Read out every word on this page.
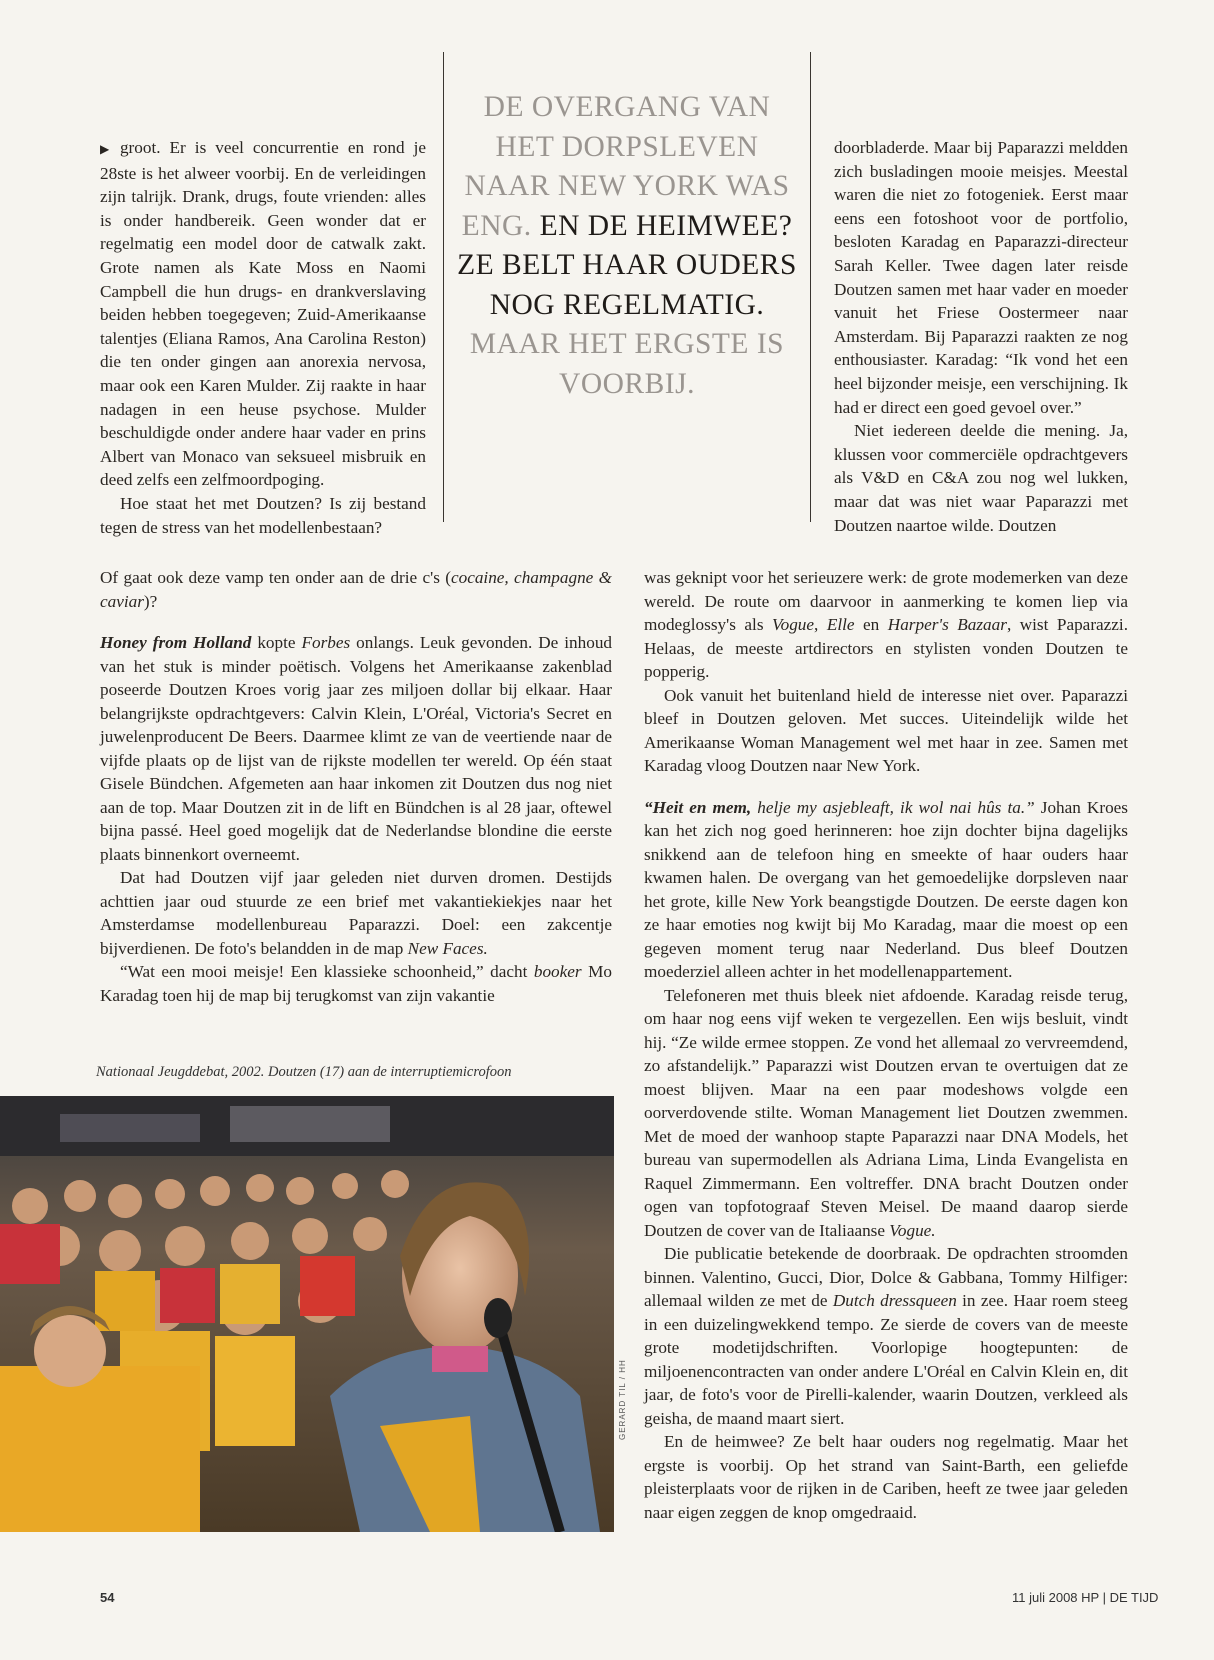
▶ groot. Er is veel concurrentie en rond je 28ste is het alweer voorbij. En de verleidingen zijn talrijk. Drank, drugs, foute vrienden: alles is onder handbereik. Geen wonder dat er regelmatig een model door de catwalk zakt. Grote namen als Kate Moss en Naomi Campbell die hun drugs- en drankverslaving beiden hebben toegegeven; Zuid-Amerikaanse talentjes (Eliana Ramos, Ana Carolina Reston) die ten onder gingen aan anorexia nervosa, maar ook een Karen Mulder. Zij raakte in haar nadagen in een heuse psychose. Mulder beschuldigde onder andere haar vader en prins Albert van Monaco van seksueel misbruik en deed zelfs een zelfmoordpoging.

Hoe staat het met Doutzen? Is zij bestand tegen de stress van het modellenbestaan?

DE OVERGANG VAN HET DORPSLEVEN NAAR NEW YORK WAS ENG. EN DE HEIMWEE? ZE BELT HAAR OUDERS NOG REGELMATIG. MAAR HET ERGSTE IS VOORBIJ.

doorbladerde. Maar bij Paparazzi meldden zich busladingen mooie meisjes. Meestal waren die niet zo fotogeniek. Eerst maar eens een fotoshoot voor de portfolio, besloten Karadag en Paparazzi-directeur Sarah Keller. Twee dagen later reisde Doutzen samen met haar vader en moeder vanuit het Friese Oostermeer naar Amsterdam. Bij Paparazzi raakten ze nog enthousiaster. Karadag: “Ik vond het een heel bijzonder meisje, een verschijning. Ik had er direct een goed gevoel over.”

Niet iedereen deelde die mening. Ja, klussen voor commerciële opdrachtgevers als V&D en C&A zou nog wel lukken, maar dat was niet waar Paparazzi met Doutzen naartoe wilde. Doutzen

Of gaat ook deze vamp ten onder aan de drie c's (cocaine, champagne & caviar)?

Honey from Holland kopte Forbes onlangs. Leuk gevonden. De inhoud van het stuk is minder poëtisch. Volgens het Amerikaanse zakenblad poseerde Doutzen Kroes vorig jaar zes miljoen dollar bij elkaar. Haar belangrijkste opdrachtgevers: Calvin Klein, L'Oréal, Victoria's Secret en juwelenproducent De Beers. Daarmee klimt ze van de veertiende naar de vijfde plaats op de lijst van de rijkste modellen ter wereld. Op één staat Gisele Bündchen. Afgemeten aan haar inkomen zit Doutzen dus nog niet aan de top. Maar Doutzen zit in de lift en Bündchen is al 28 jaar, oftewel bijna passé. Heel goed mogelijk dat de Nederlandse blondine die eerste plaats binnenkort overneemt.

Dat had Doutzen vijf jaar geleden niet durven dromen. Destijds achttien jaar oud stuurde ze een brief met vakantiekiekjes naar het Amsterdamse modellenbureau Paparazzi. Doel: een zakcentje bijverdienen. De foto's belandden in de map New Faces.

“Wat een mooi meisje! Een klassieke schoonheid,” dacht booker Mo Karadag toen hij de map bij terugkomst van zijn vakantie

was geknipt voor het serieuzere werk: de grote modemerken van deze wereld. De route om daarvoor in aanmerking te komen liep via modeglossy's als Vogue, Elle en Harper's Bazaar, wist Paparazzi. Helaas, de meeste artdirectors en stylisten vonden Doutzen te popperig.

Ook vanuit het buitenland hield de interesse niet over. Paparazzi bleef in Doutzen geloven. Met succes. Uiteindelijk wilde het Amerikaanse Woman Management wel met haar in zee. Samen met Karadag vloog Doutzen naar New York.

“Heit en mem, helje my asjebleaft, ik wol nai hûs ta.” Johan Kroes kan het zich nog goed herinneren: hoe zijn dochter bijna dagelijks snikkend aan de telefoon hing en smeekte of haar ouders haar kwamen halen. De overgang van het gemoedelijke dorpsleven naar het grote, kille New York beangstigde Doutzen. De eerste dagen kon ze haar emoties nog kwijt bij Mo Karadag, maar die moest op een gegeven moment terug naar Nederland. Dus bleef Doutzen moederziel alleen achter in het modellenappartement.

Telefoneren met thuis bleek niet afdoende. Karadag reisde terug, om haar nog eens vijf weken te vergezellen. Een wijs besluit, vindt hij. “Ze wilde ermee stoppen. Ze vond het allemaal zo vervreemdend, zo afstandelijk.” Paparazzi wist Doutzen ervan te overtuigen dat ze moest blijven. Maar na een paar modeshows volgde een oorverdovende stilte. Woman Management liet Doutzen zwemmen. Met de moed der wanhoop stapte Paparazzi naar DNA Models, het bureau van supermodellen als Adriana Lima, Linda Evangelista en Raquel Zimmermann. Een voltreffer. DNA bracht Doutzen onder ogen van topfotograaf Steven Meisel. De maand daarop sierde Doutzen de cover van de Italiaanse Vogue.

Die publicatie betekende de doorbraak. De opdrachten stroomden binnen. Valentino, Gucci, Dior, Dolce & Gabbana, Tommy Hilfiger: allemaal wilden ze met de Dutch dressqueen in zee. Haar roem steeg in een duizelingwekkend tempo. Ze sierde de covers van de meeste grote modetijdschriften. Voorlopige hoogtepunten: de miljoenencontracten van onder andere L'Oréal en Calvin Klein en, dit jaar, de foto's voor de Pirelli-kalender, waarin Doutzen, verkleed als geisha, de maand maart siert.

En de heimwee? Ze belt haar ouders nog regelmatig. Maar het ergste is voorbij. Op het strand van Saint-Barth, een geliefde pleisterplaats voor de rijken in de Cariben, heeft ze twee jaar geleden naar eigen zeggen de knop omgedraaid.

Nationaal Jeugddebat, 2002. Doutzen (17) aan de interruptiemicrofoon
GERARD TIL / HH
54	11 juli 2008 HP | DE TIJD
